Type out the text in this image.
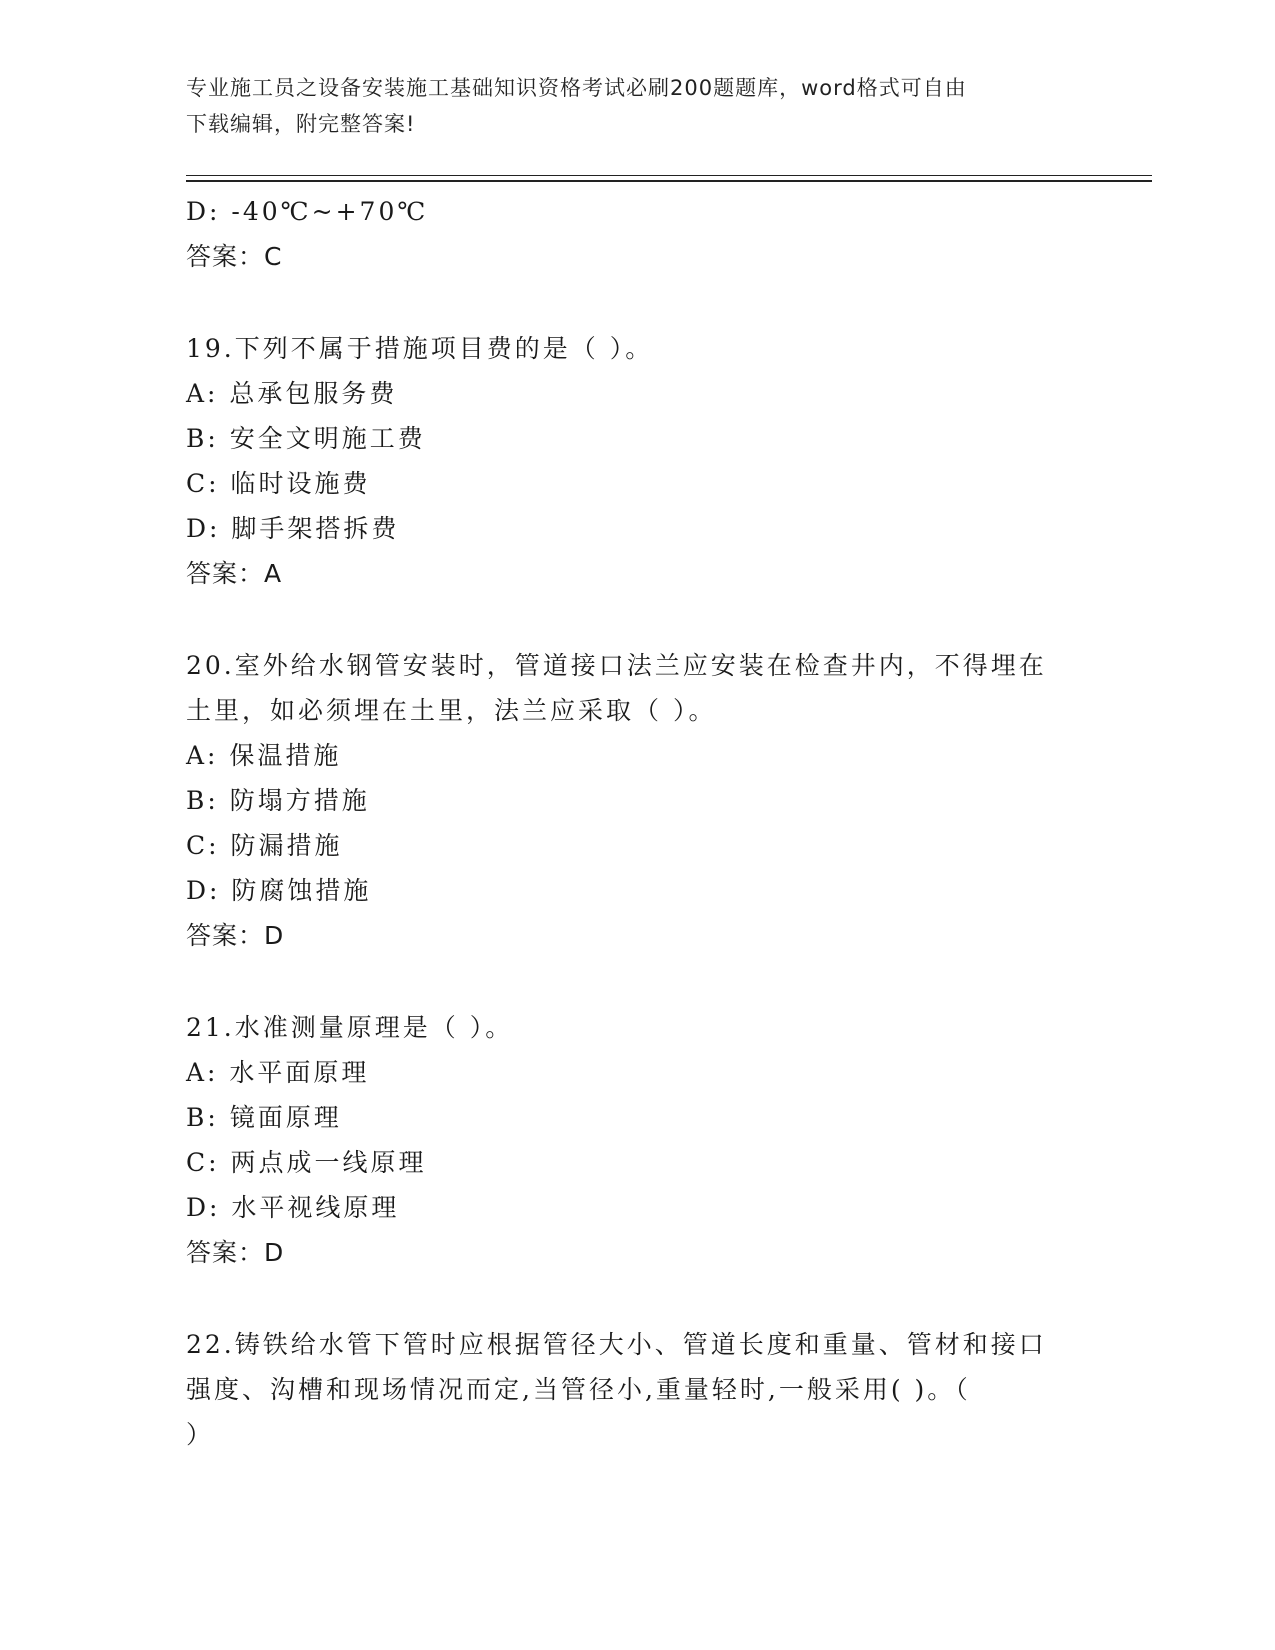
专业施工员之设备安装施工基础知识资格考试必刷200题题库，word格式可自由
下载编辑，附完整答案!
D: -40℃~+70℃
答案：C
19.下列不属于措施项目费的是（ ）。
A: 总承包服务费
B: 安全文明施工费
C: 临时设施费
D: 脚手架搭拆费
答案：A
20.室外给水钢管安装时，管道接口法兰应安装在检查井内，不得埋在
土里，如必须埋在土里，法兰应采取（ ）。
A: 保温措施
B: 防塌方措施
C: 防漏措施
D: 防腐蚀措施
答案：D
21.水准测量原理是（ ）。
A: 水平面原理
B: 镜面原理
C: 两点成一线原理
D: 水平视线原理
答案：D
22.铸铁给水管下管时应根据管径大小、管道长度和重量、管材和接口
强度、沟槽和现场情况而定,当管径小,重量轻时,一般采用( )。（
）
